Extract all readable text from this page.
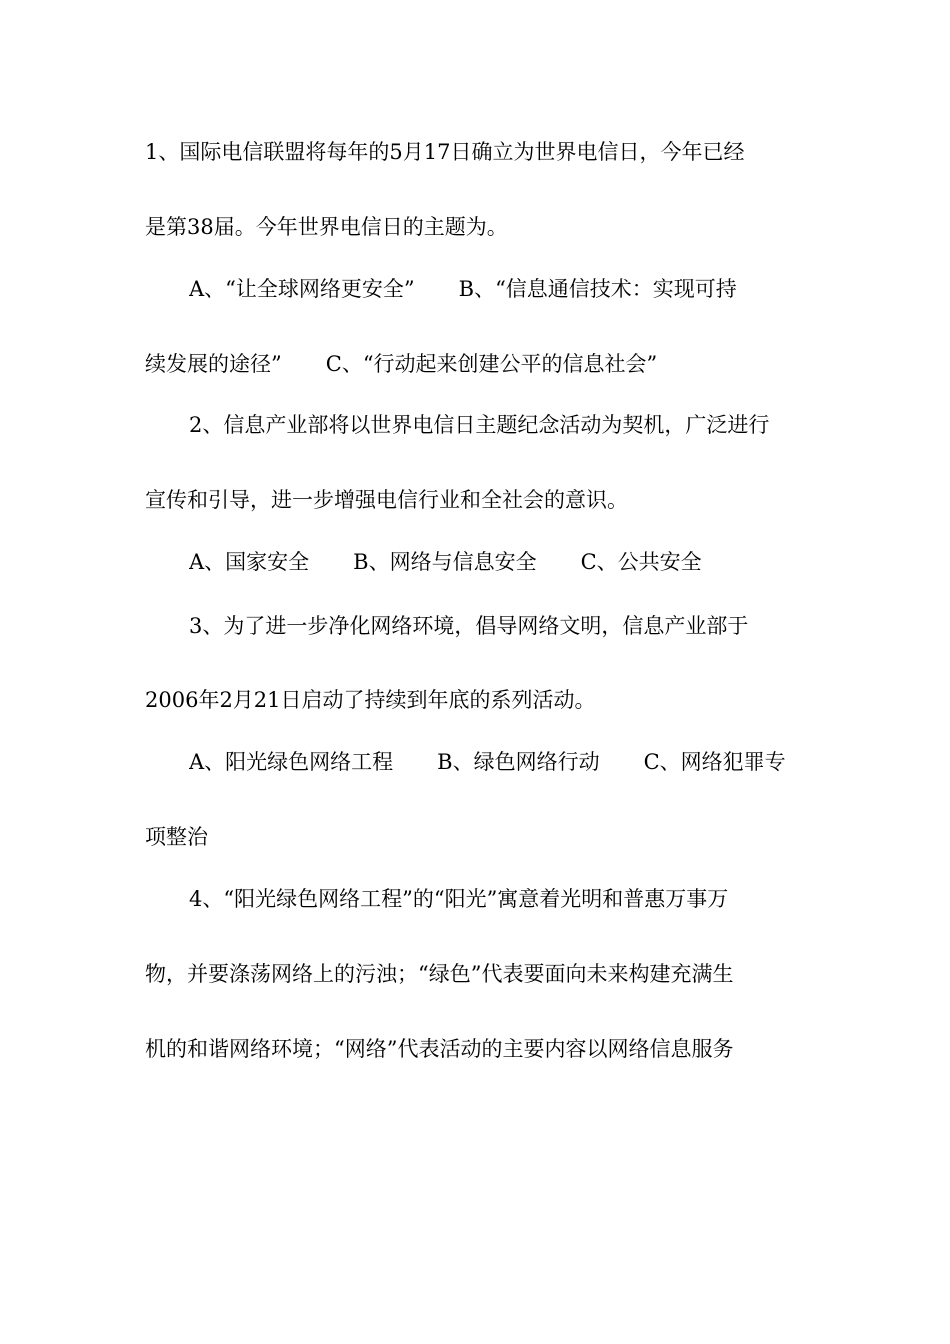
1、国际电信联盟将每年的5月17日确立为世界电信日，今年已经
是第38届。今年世界电信日的主题为。
A、“让全球网络更安全” B、“信息通信技术：实现可持
续发展的途径” C、“行动起来创建公平的信息社会”
2、信息产业部将以世界电信日主题纪念活动为契机，广泛进行
宣传和引导，进一步增强电信行业和全社会的意识。
A、国家安全 B、网络与信息安全 C、公共安全
3、为了进一步净化网络环境，倡导网络文明，信息产业部于
2006年2月21日启动了持续到年底的系列活动。
A、阳光绿色网络工程 B、绿色网络行动 C、网络犯罪专
项整治
4、“阳光绿色网络工程”的“阳光”寓意着光明和普惠万事万
物，并要涤荡网络上的污浊；“绿色”代表要面向未来构建充满生
机的和谐网络环境；“网络”代表活动的主要内容以网络信息服务
